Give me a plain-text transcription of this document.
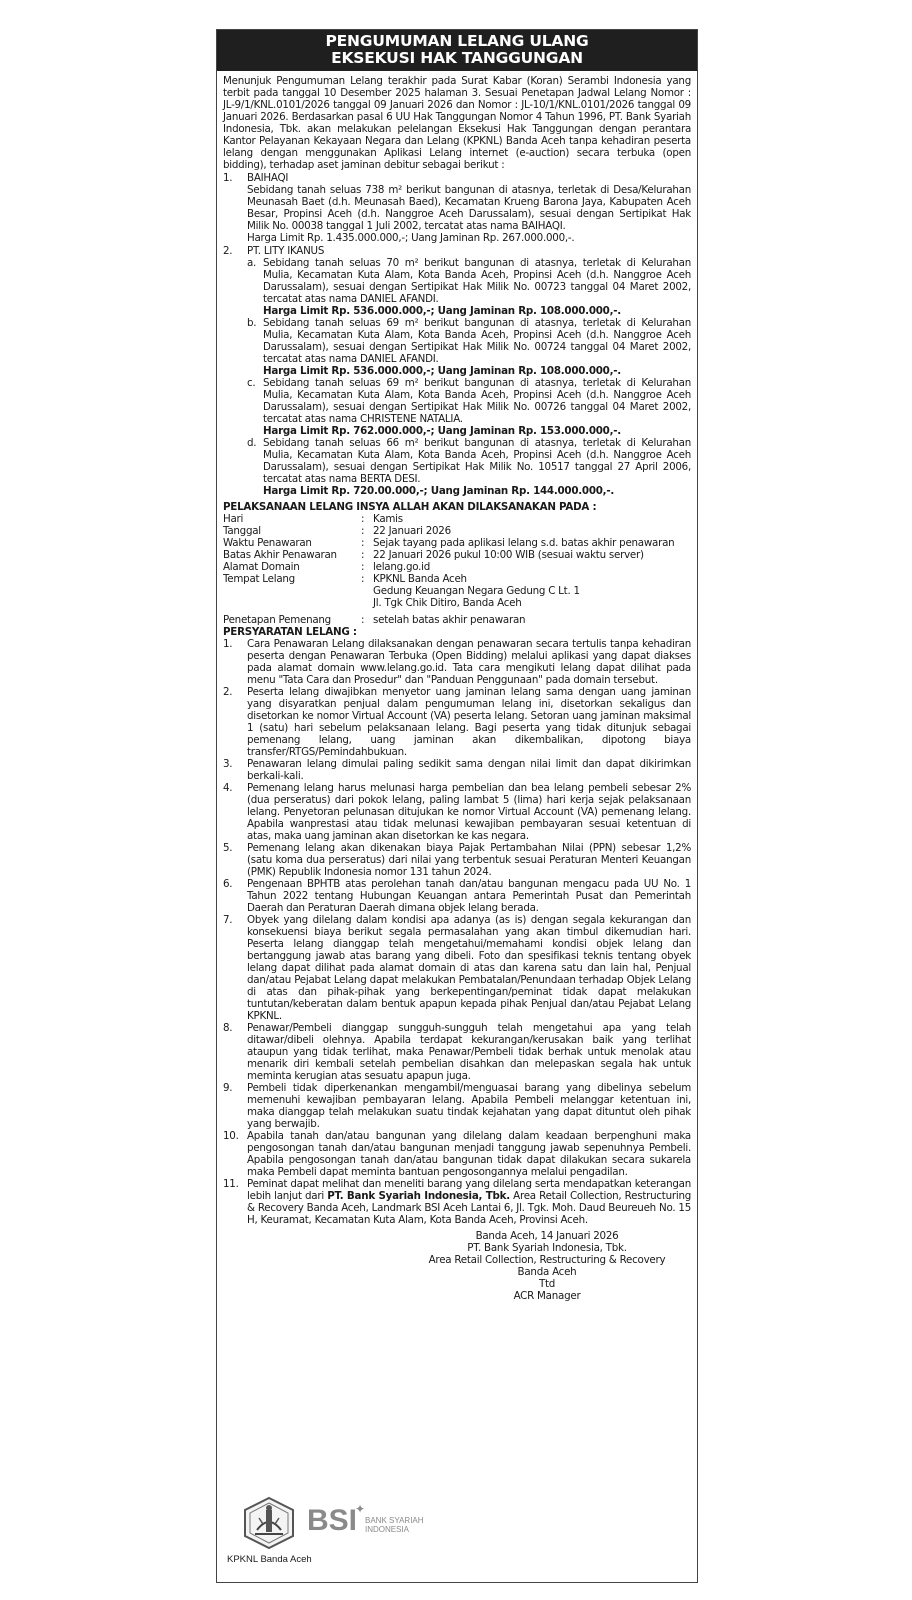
PENGUMUMAN LELANG ULANG
EKSEKUSI HAK TANGGUNGAN

Menunjuk Pengumuman Lelang terakhir pada Surat Kabar (Koran) Serambi Indonesia yang terbit pada tanggal 10 Desember 2025 halaman 3. Sesuai Penetapan Jadwal Lelang Nomor : JL-9/1/KNL.0101/2026 tanggal 09 Januari 2026 dan Nomor : JL-10/1/KNL.0101/2026 tanggal 09 Januari 2026. Berdasarkan pasal 6 UU Hak Tanggungan Nomor 4 Tahun 1996, PT. Bank Syariah Indonesia, Tbk. akan melakukan pelelangan Eksekusi Hak Tanggungan dengan perantara Kantor Pelayanan Kekayaan Negara dan Lelang (KPKNL) Banda Aceh tanpa kehadiran peserta lelang dengan menggunakan Aplikasi Lelang internet (e-auction) secara terbuka (open bidding), terhadap aset jaminan debitur sebagai berikut :

1.	BAIHAQI
Sebidang tanah seluas 738 m² berikut bangunan di atasnya, terletak di Desa/Kelurahan Meunasah Baet (d.h. Meunasah Baed), Kecamatan Krueng Barona Jaya, Kabupaten Aceh Besar, Propinsi Aceh (d.h. Nanggroe Aceh Darussalam), sesuai dengan Sertipikat Hak Milik No. 00038 tanggal 1 Juli 2002, tercatat atas nama BAIHAQI.
Harga Limit Rp. 1.435.000.000,-; Uang Jaminan Rp. 267.000.000,-.
2.	PT. LITY IKANUS
a. Sebidang tanah seluas 70 m² berikut bangunan di atasnya, terletak di Kelurahan Mulia, Kecamatan Kuta Alam, Kota Banda Aceh, Propinsi Aceh (d.h. Nanggroe Aceh Darussalam), sesuai dengan Sertipikat Hak Milik No. 00723 tanggal 04 Maret 2002, tercatat atas nama DANIEL AFANDI.
Harga Limit Rp. 536.000.000,-; Uang Jaminan Rp. 108.000.000,-.
b. Sebidang tanah seluas 69 m² berikut bangunan di atasnya, terletak di Kelurahan Mulia, Kecamatan Kuta Alam, Kota Banda Aceh, Propinsi Aceh (d.h. Nanggroe Aceh Darussalam), sesuai dengan Sertipikat Hak Milik No. 00724 tanggal 04 Maret 2002, tercatat atas nama DANIEL AFANDI.
Harga Limit Rp. 536.000.000,-; Uang Jaminan Rp. 108.000.000,-.
c. Sebidang tanah seluas 69 m² berikut bangunan di atasnya, terletak di Kelurahan Mulia, Kecamatan Kuta Alam, Kota Banda Aceh, Propinsi Aceh (d.h. Nanggroe Aceh Darussalam), sesuai dengan Sertipikat Hak Milik No. 00726 tanggal 04 Maret 2002, tercatat atas nama CHRISTENE NATALIA.
Harga Limit Rp. 762.000.000,-; Uang Jaminan Rp. 153.000.000,-.
d. Sebidang tanah seluas 66 m² berikut bangunan di atasnya, terletak di Kelurahan Mulia, Kecamatan Kuta Alam, Kota Banda Aceh, Propinsi Aceh (d.h. Nanggroe Aceh Darussalam), sesuai dengan Sertipikat Hak Milik No. 10517 tanggal 27 April 2006, tercatat atas nama BERTA DESI.
Harga Limit Rp. 720.00.000,-; Uang Jaminan Rp. 144.000.000,-.
PELAKSANAAN LELANG INSYA ALLAH AKAN DILAKSANAKAN PADA :
Hari	: Kamis
Tanggal	: 22 Januari 2026
Waktu Penawaran	: Sejak tayang pada aplikasi lelang s.d. batas akhir penawaran
Batas Akhir Penawaran	: 22 Januari 2026 pukul 10:00 WIB (sesuai waktu server)
Alamat Domain	: lelang.go.id
Tempat Lelang	: KPKNL Banda Aceh
Gedung Keuangan Negara Gedung C Lt. 1
Jl. Tgk Chik Ditiro, Banda Aceh
Penetapan Pemenang	: setelah batas akhir penawaran
PERSYARATAN LELANG :
1.	Cara Penawaran Lelang dilaksanakan dengan penawaran secara tertulis tanpa kehadiran peserta dengan Penawaran Terbuka (Open Bidding) melalui aplikasi yang dapat diakses pada alamat domain www.lelang.go.id. Tata cara mengikuti lelang dapat dilihat pada menu "Tata Cara dan Prosedur" dan "Panduan Penggunaan" pada domain tersebut.
2.	Peserta lelang diwajibkan menyetor uang jaminan lelang sama dengan uang jaminan yang disyaratkan penjual dalam pengumuman lelang ini, disetorkan sekaligus dan disetorkan ke nomor Virtual Account (VA) peserta lelang. Setoran uang jaminan maksimal 1 (satu) hari sebelum pelaksanaan lelang. Bagi peserta yang tidak ditunjuk sebagai pemenang lelang, uang jaminan akan dikembalikan, dipotong biaya transfer/RTGS/Pemindahbukuan.
3.	Penawaran lelang dimulai paling sedikit sama dengan nilai limit dan dapat dikirimkan berkali-kali.
4.	Pemenang lelang harus melunasi harga pembelian dan bea lelang pembeli sebesar 2% (dua perseratus) dari pokok lelang, paling lambat 5 (lima) hari kerja sejak pelaksanaan lelang. Penyetoran pelunasan ditujukan ke nomor Virtual Account (VA) pemenang lelang. Apabila wanprestasi atau tidak melunasi kewajiban pembayaran sesuai ketentuan di atas, maka uang jaminan akan disetorkan ke kas negara.
5.	Pemenang lelang akan dikenakan biaya Pajak Pertambahan Nilai (PPN) sebesar 1,2% (satu koma dua perseratus) dari nilai yang terbentuk sesuai Peraturan Menteri Keuangan (PMK) Republik Indonesia nomor 131 tahun 2024.
6.	Pengenaan BPHTB atas perolehan tanah dan/atau bangunan mengacu pada UU No. 1 Tahun 2022 tentang Hubungan Keuangan antara Pemerintah Pusat dan Pemerintah Daerah dan Peraturan Daerah dimana objek lelang berada.
7.	Obyek yang dilelang dalam kondisi apa adanya (as is) dengan segala kekurangan dan konsekuensi biaya berikut segala permasalahan yang akan timbul dikemudian hari. Peserta lelang dianggap telah mengetahui/memahami kondisi objek lelang dan bertanggung jawab atas barang yang dibeli. Foto dan spesifikasi teknis tentang obyek lelang dapat dilihat pada alamat domain di atas dan karena satu dan lain hal, Penjual dan/atau Pejabat Lelang dapat melakukan Pembatalan/Penundaan terhadap Objek Lelang di atas dan pihak-pihak yang berkepentingan/peminat tidak dapat melakukan tuntutan/keberatan dalam bentuk apapun kepada pihak Penjual dan/atau Pejabat Lelang KPKNL.
8.	Penawar/Pembeli dianggap sungguh-sungguh telah mengetahui apa yang telah ditawar/dibeli olehnya. Apabila terdapat kekurangan/kerusakan baik yang terlihat ataupun yang tidak terlihat, maka Penawar/Pembeli tidak berhak untuk menolak atau menarik diri kembali setelah pembelian disahkan dan melepaskan segala hak untuk meminta kerugian atas sesuatu apapun juga.
9.	Pembeli tidak diperkenankan mengambil/menguasai barang yang dibelinya sebelum memenuhi kewajiban pembayaran lelang. Apabila Pembeli melanggar ketentuan ini, maka dianggap telah melakukan suatu tindak kejahatan yang dapat dituntut oleh pihak yang berwajib.
10. Apabila tanah dan/atau bangunan yang dilelang dalam keadaan berpenghuni maka pengosongan tanah dan/atau bangunan menjadi tanggung jawab sepenuhnya Pembeli. Apabila pengosongan tanah dan/atau bangunan tidak dapat dilakukan secara sukarela maka Pembeli dapat meminta bantuan pengosongannya melalui pengadilan.
11. Peminat dapat melihat dan meneliti barang yang dilelang serta mendapatkan keterangan lebih lanjut dari PT. Bank Syariah Indonesia, Tbk. Area Retail Collection, Restructuring & Recovery Banda Aceh, Landmark BSI Aceh Lantai 6, Jl. Tgk. Moh. Daud Beureueh No. 15 H, Keuramat, Kecamatan Kuta Alam, Kota Banda Aceh, Provinsi Aceh.
Banda Aceh, 14 Januari 2026
PT. Bank Syariah Indonesia, Tbk.
Area Retail Collection, Restructuring & Recovery
Banda Aceh
Ttd
ACR Manager
KPKNL Banda Aceh
BSI
✦
BANK SYARIAH
INDONESIA
